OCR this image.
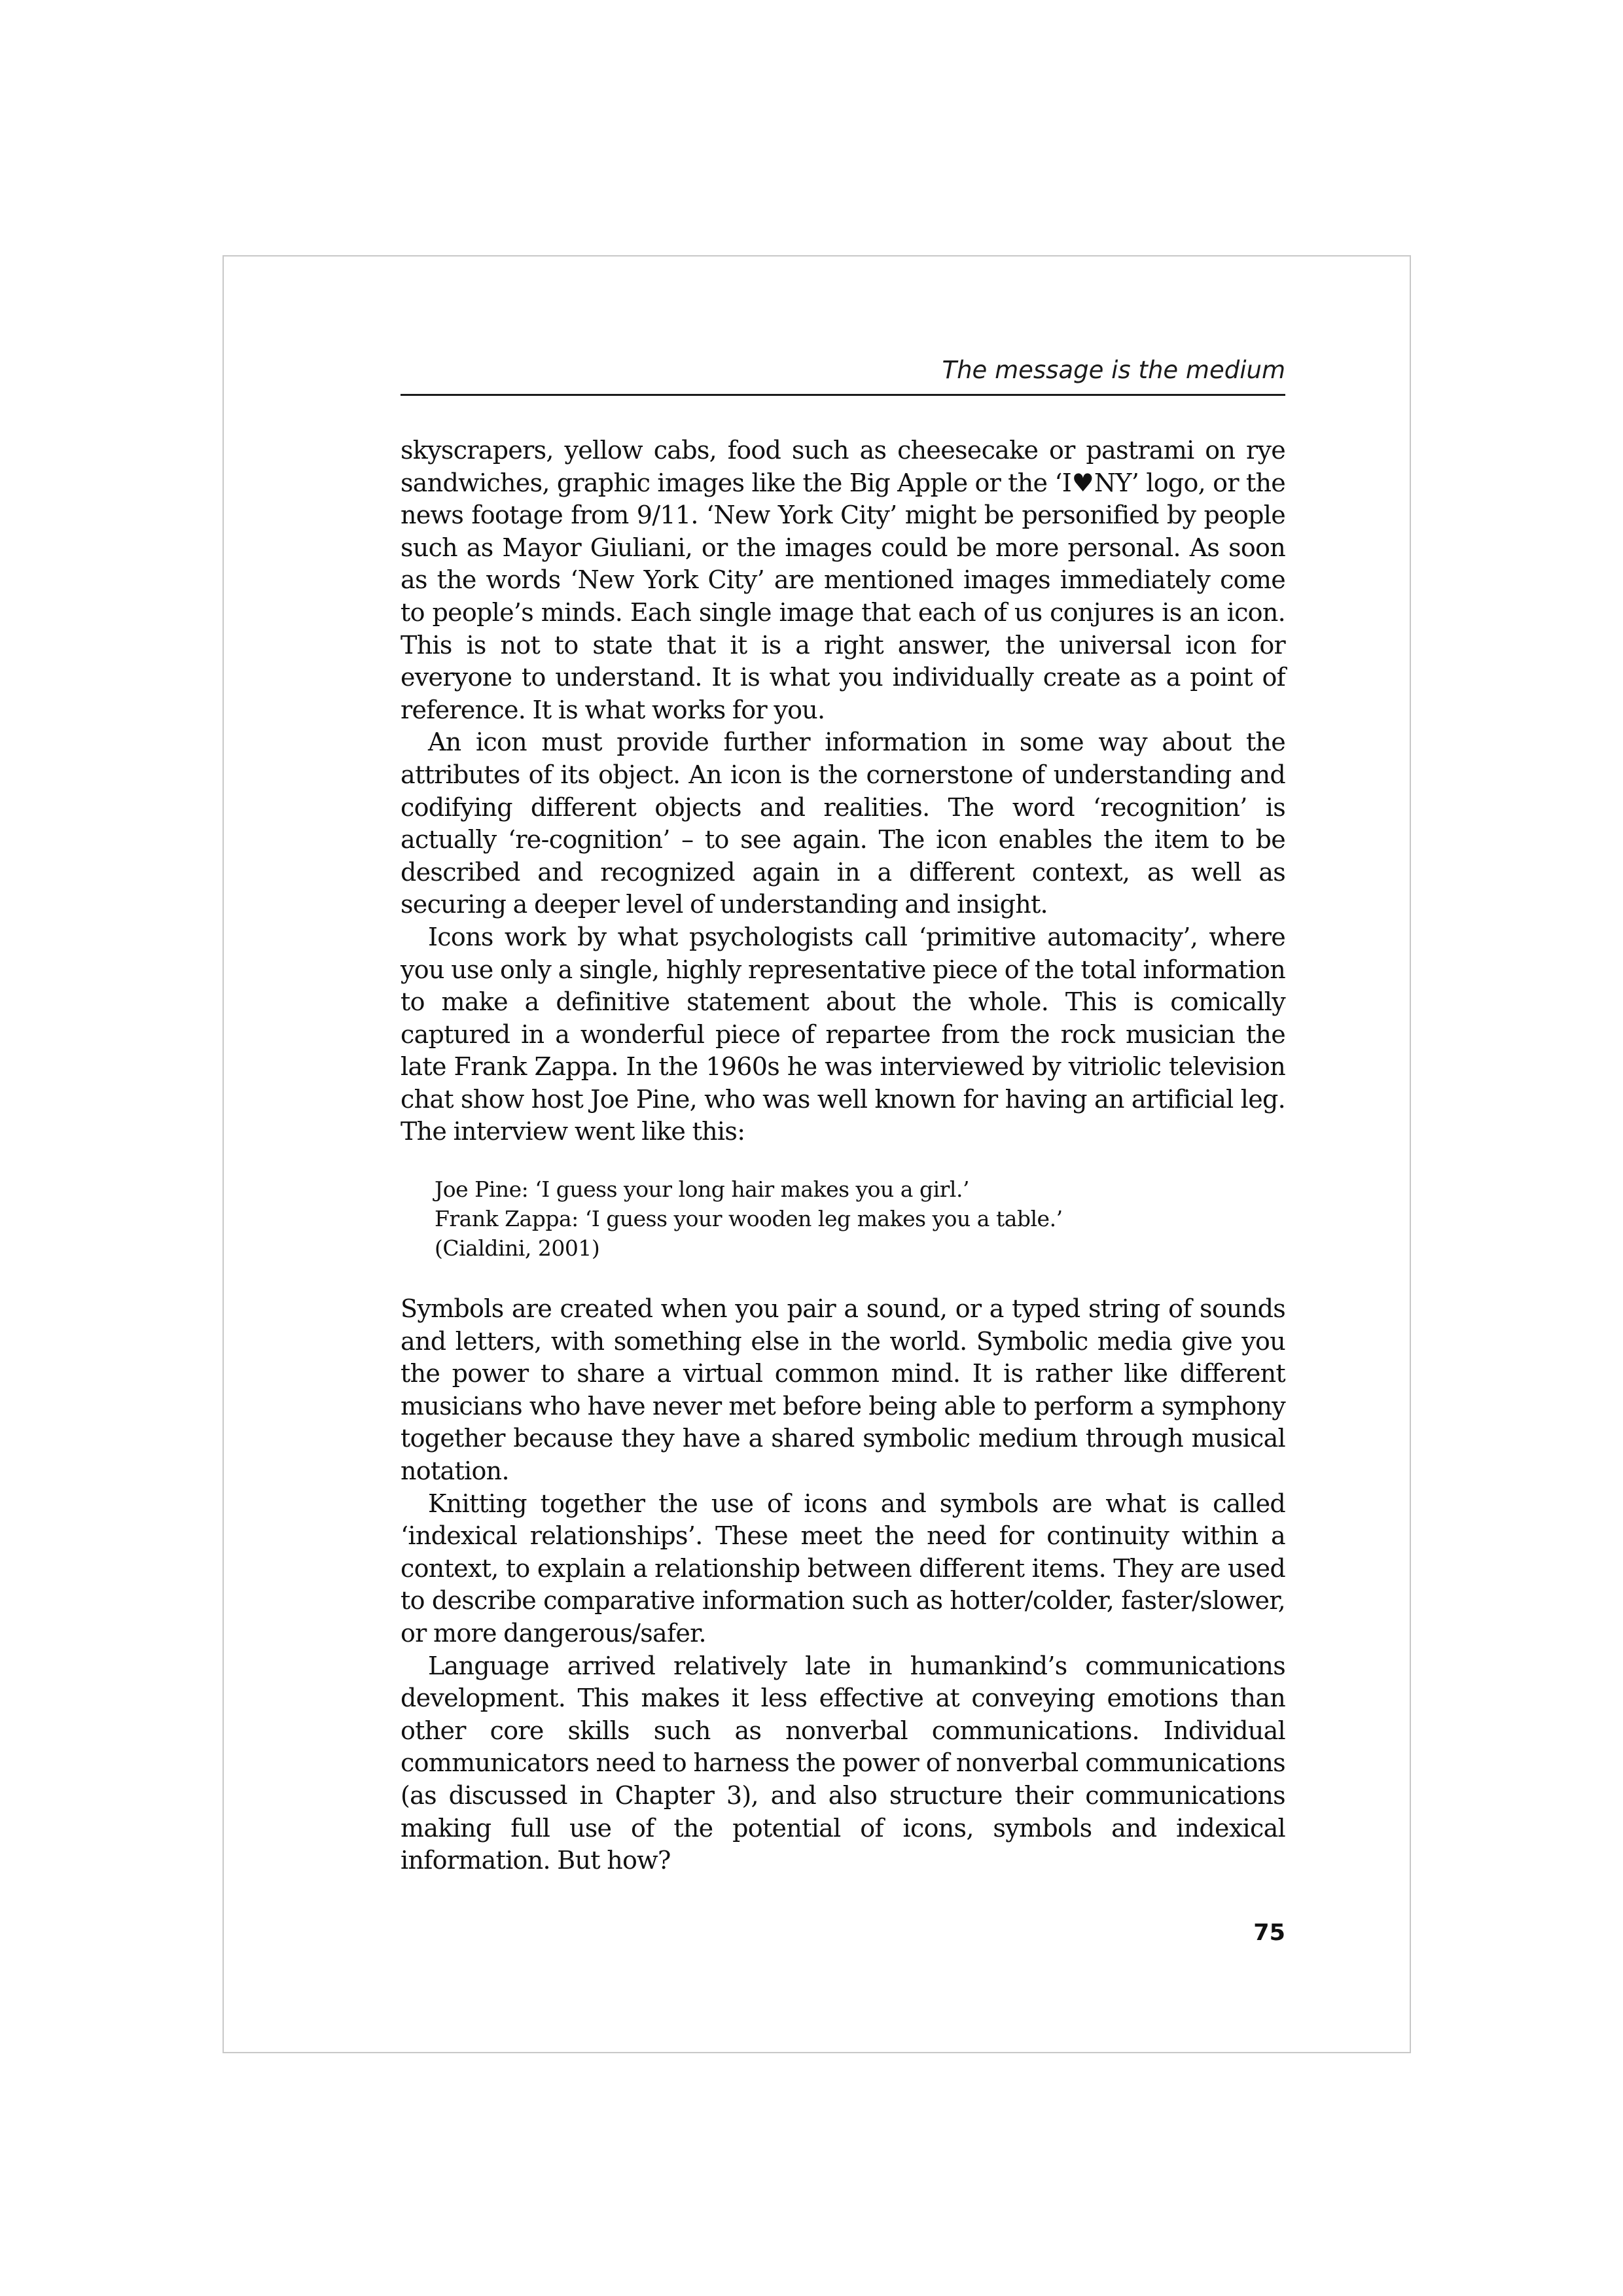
The message is the medium

skyscrapers, yellow cabs, food such as cheesecake or pastrami on rye sandwiches, graphic images like the Big Apple or the ‘I♥NY’ logo, or the news footage from 9/11. ‘New York City’ might be personified by people such as Mayor Giuliani, or the images could be more personal. As soon as the words ‘New York City’ are mentioned images immediately come to people’s minds. Each single image that each of us conjures is an icon. This is not to state that it is a right answer, the universal icon for everyone to understand. It is what you individually create as a point of reference. It is what works for you.

An icon must provide further information in some way about the attributes of its object. An icon is the cornerstone of understanding and codifying different objects and realities. The word ‘recognition’ is actually ‘re-cognition’ – to see again. The icon enables the item to be described and recognized again in a different context, as well as securing a deeper level of understanding and insight.

Icons work by what psychologists call ‘primitive automacity’, where you use only a single, highly representative piece of the total information to make a definitive statement about the whole. This is comically captured in a wonderful piece of repartee from the rock musician the late Frank Zappa. In the 1960s he was interviewed by vitriolic television chat show host Joe Pine, who was well known for having an artificial leg. The interview went like this:

Joe Pine: ‘I guess your long hair makes you a girl.’
Frank Zappa: ‘I guess your wooden leg makes you a table.’
(Cialdini, 2001)

Symbols are created when you pair a sound, or a typed string of sounds and letters, with something else in the world. Symbolic media give you the power to share a virtual common mind. It is rather like different musicians who have never met before being able to perform a symphony together because they have a shared symbolic medium through musical notation.

Knitting together the use of icons and symbols are what is called ‘indexical relationships’. These meet the need for continuity within a context, to explain a relationship between different items. They are used to describe comparative information such as hotter/colder, faster/slower, or more dangerous/safer.

Language arrived relatively late in humankind’s communications development. This makes it less effective at conveying emotions than other core skills such as nonverbal communications. Individual communicators need to harness the power of nonverbal communications (as discussed in Chapter 3), and also structure their communications making full use of the potential of icons, symbols and indexical information. But how?

75
